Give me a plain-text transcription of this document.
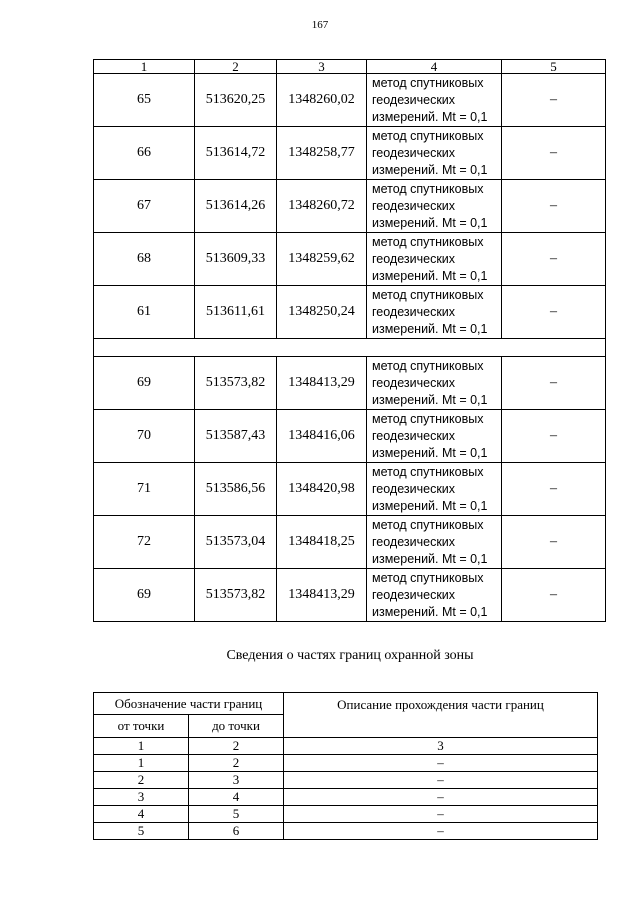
167
1	2	3	4	5
65	513620,25	1348260,02	метод спутниковых
геодезических
измерений. Mt = 0,1	–
66	513614,72	1348258,77	метод спутниковых
геодезических
измерений. Mt = 0,1	–
67	513614,26	1348260,72	метод спутниковых
геодезических
измерений. Mt = 0,1	–
68	513609,33	1348259,62	метод спутниковых
геодезических
измерений. Mt = 0,1	–
61	513611,61	1348250,24	метод спутниковых
геодезических
измерений. Mt = 0,1	–

69	513573,82	1348413,29	метод спутниковых
геодезических
измерений. Mt = 0,1	–
70	513587,43	1348416,06	метод спутниковых
геодезических
измерений. Mt = 0,1	–
71	513586,56	1348420,98	метод спутниковых
геодезических
измерений. Mt = 0,1	–
72	513573,04	1348418,25	метод спутниковых
геодезических
измерений. Mt = 0,1	–
69	513573,82	1348413,29	метод спутниковых
геодезических
измерений. Mt = 0,1	–
Сведения о частях границ охранной зоны
Обозначение части границ		Описание прохождения части границ
от точки	до точки	
1	2	3
1	2	–
2	3	–
3	4	–
4	5	–
5	6	–
